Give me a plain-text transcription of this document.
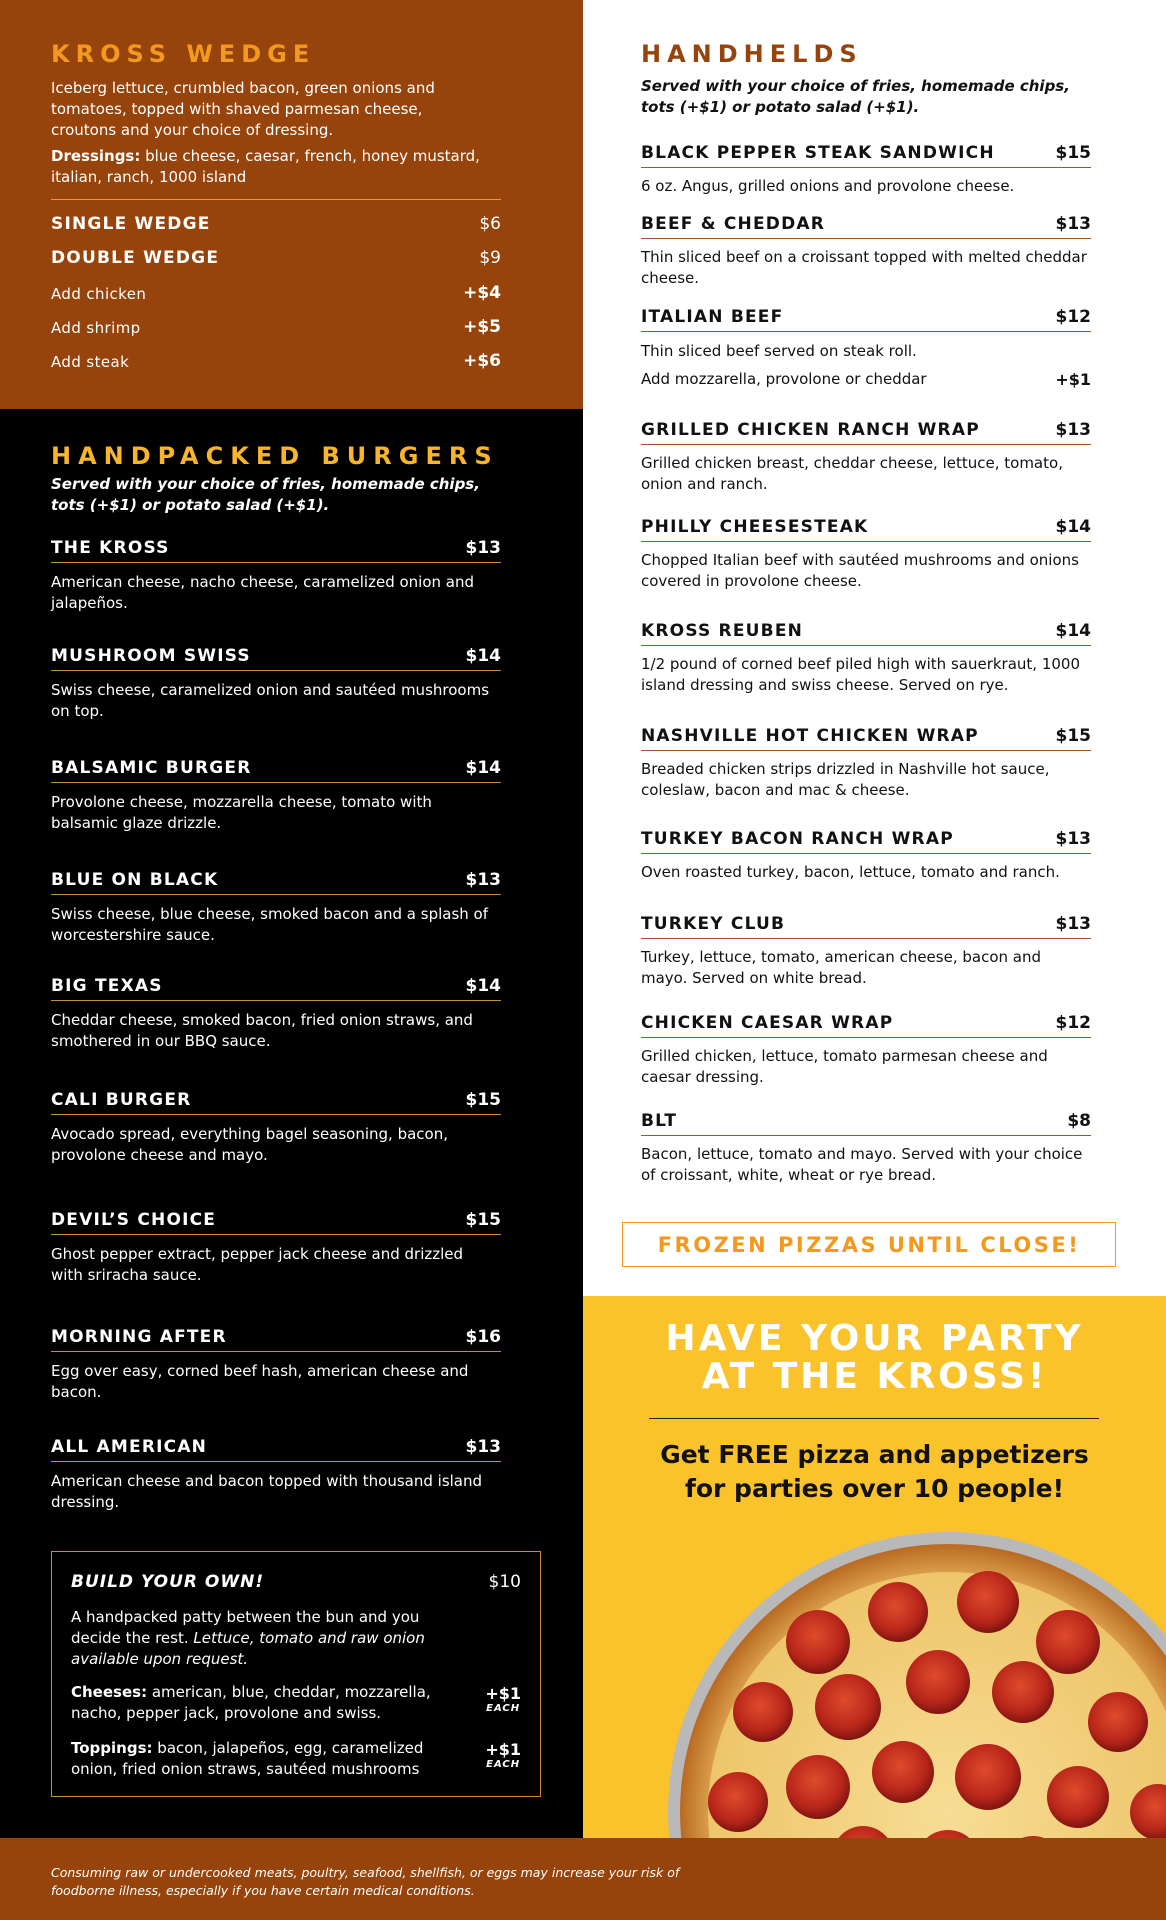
KROSS WEDGE
Iceberg lettuce, crumbled bacon, green onions and tomatoes, topped with shaved parmesan cheese, croutons and your choice of dressing.
Dressings: blue cheese, caesar, french, honey mustard, italian, ranch, 1000 island
SINGLE WEDGE	$6
DOUBLE WEDGE	$9
Add chicken	+$4
Add shrimp	+$5
Add steak	+$6
HANDPACKED BURGERS
Served with your choice of fries, homemade chips, tots (+$1) or potato salad (+$1).
THE KROSS	$13
American cheese, nacho cheese, caramelized onion and jalapeños.
MUSHROOM SWISS	$14
Swiss cheese, caramelized onion and sautéed mushrooms on top.
BALSAMIC BURGER	$14
Provolone cheese, mozzarella cheese, tomato with balsamic glaze drizzle.
BLUE ON BLACK	$13
Swiss cheese, blue cheese, smoked bacon and a splash of worcestershire sauce.
BIG TEXAS	$14
Cheddar cheese, smoked bacon, fried onion straws, and smothered in our BBQ sauce.
CALI BURGER	$15
Avocado spread, everything bagel seasoning, bacon, provolone cheese and mayo.
DEVIL’S CHOICE	$15
Ghost pepper extract, pepper jack cheese and drizzled with sriracha sauce.
MORNING AFTER	$16
Egg over easy, corned beef hash, american cheese and bacon.
ALL AMERICAN	$13
American cheese and bacon topped with thousand island dressing.
BUILD YOUR OWN!	$10
A handpacked patty between the bun and you decide the rest. Lettuce, tomato and raw onion available upon request.
Cheeses: american, blue, cheddar, mozzarella, nacho, pepper jack, provolone and swiss.
+$1
EACH
Toppings: bacon, jalapeños, egg, caramelized onion, fried onion straws, sautéed mushrooms
+$1
EACH
HANDHELDS
Served with your choice of fries, homemade chips, tots (+$1) or potato salad (+$1).
BLACK PEPPER STEAK SANDWICH	$15
6 oz. Angus, grilled onions and provolone cheese.
BEEF & CHEDDAR	$13
Thin sliced beef on a croissant topped with melted cheddar cheese.
ITALIAN BEEF	$12
Thin sliced beef served on steak roll.
Add mozzarella, provolone or cheddar	+$1
GRILLED CHICKEN RANCH WRAP	$13
Grilled chicken breast, cheddar cheese, lettuce, tomato, onion and ranch.
PHILLY CHEESESTEAK	$14
Chopped Italian beef with sautéed mushrooms and onions covered in provolone cheese.
KROSS REUBEN	$14
1/2 pound of corned beef piled high with sauerkraut, 1000 island dressing and swiss cheese. Served on rye.
NASHVILLE HOT CHICKEN WRAP	$15
Breaded chicken strips drizzled in Nashville hot sauce, coleslaw, bacon and mac & cheese.
TURKEY BACON RANCH WRAP	$13
Oven roasted turkey, bacon, lettuce, tomato and ranch.
TURKEY CLUB	$13
Turkey, lettuce, tomato, american cheese, bacon and mayo. Served on white bread.
CHICKEN CAESAR WRAP	$12
Grilled chicken, lettuce, tomato parmesan cheese and caesar dressing.
BLT	$8
Bacon, lettuce, tomato and mayo. Served with your choice of croissant, white, wheat or rye bread.
FROZEN PIZZAS UNTIL CLOSE!
HAVE YOUR PARTY
AT THE KROSS!
Get FREE pizza and appetizers
for parties over 10 people!
Consuming raw or undercooked meats, poultry, seafood, shellfish, or eggs may increase your risk of foodborne illness, especially if you have certain medical conditions.
